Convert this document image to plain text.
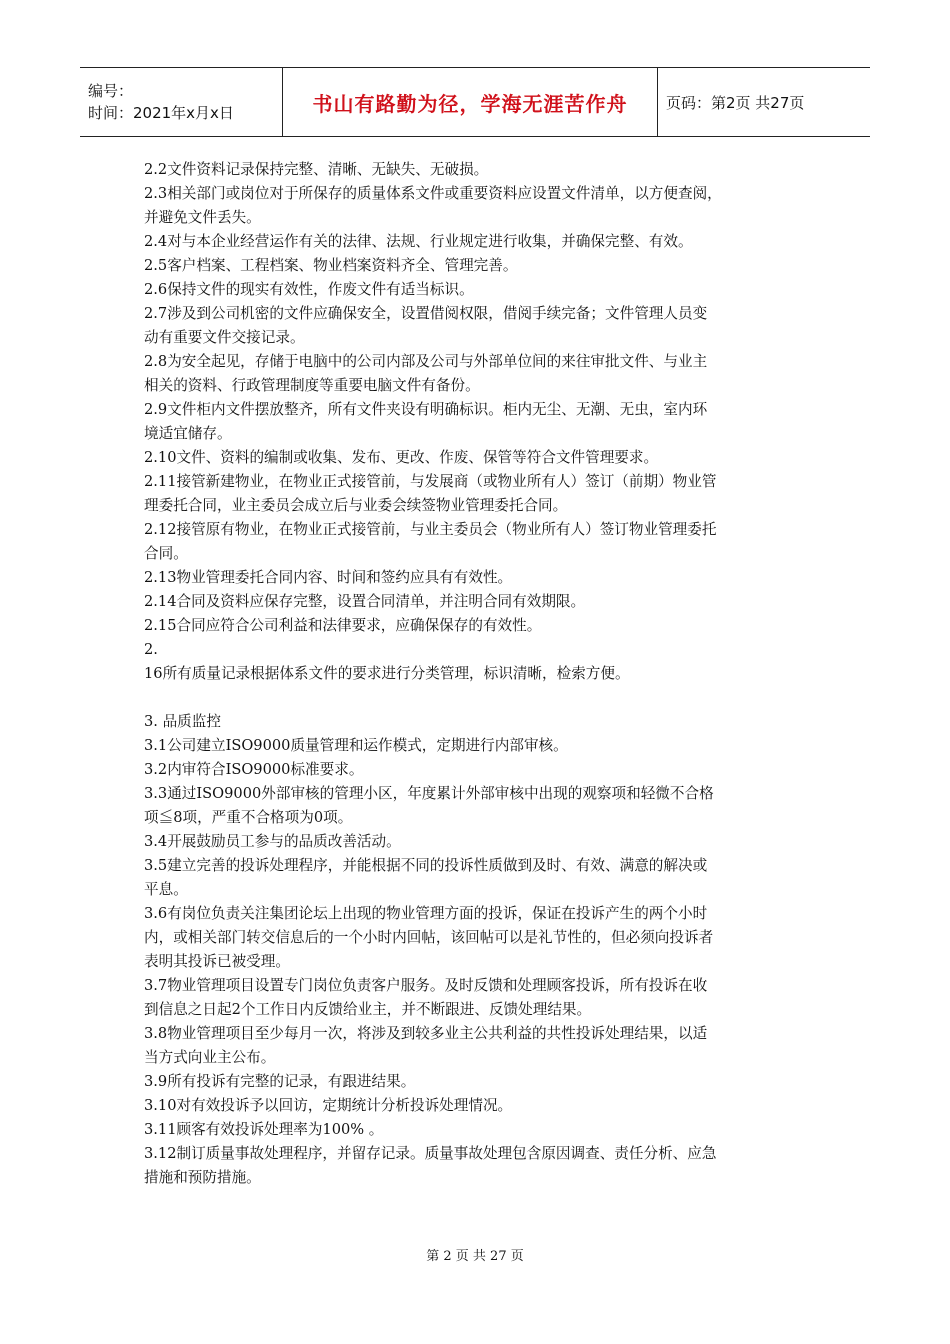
编号：
时间：2021年x月x日	书山有路勤为径，学海无涯苦作舟	页码：第2页 共27页

2.2文件资料记录保持完整、清晰、无缺失、无破损。

2.3相关部门或岗位对于所保存的质量体系文件或重要资料应设置文件清单，以方便查阅，

并避免文件丢失。

2.4对与本企业经营运作有关的法律、法规、行业规定进行收集，并确保完整、有效。

2.5客户档案、工程档案、物业档案资料齐全、管理完善。

2.6保持文件的现实有效性，作废文件有适当标识。

2.7涉及到公司机密的文件应确保安全，设置借阅权限，借阅手续完备；文件管理人员变

动有重要文件交接记录。

2.8为安全起见，存储于电脑中的公司内部及公司与外部单位间的来往审批文件、与业主

相关的资料、行政管理制度等重要电脑文件有备份。

2.9文件柜内文件摆放整齐，所有文件夹设有明确标识。柜内无尘、无潮、无虫，室内环

境适宜储存。

2.10文件、资料的编制或收集、发布、更改、作废、保管等符合文件管理要求。

2.11接管新建物业，在物业正式接管前，与发展商（或物业所有人）签订（前期）物业管

理委托合同，业主委员会成立后与业委会续签物业管理委托合同。

2.12接管原有物业，在物业正式接管前，与业主委员会（物业所有人）签订物业管理委托

合同。

2.13物业管理委托合同内容、时间和签约应具有有效性。

2.14合同及资料应保存完整，设置合同清单，并注明合同有效期限。

2.15合同应符合公司利益和法律要求，应确保保存的有效性。

2.

16所有质量记录根据体系文件的要求进行分类管理，标识清晰，检索方便。

3. 品质监控

3.1公司建立ISO9000质量管理和运作模式，定期进行内部审核。

3.2内审符合ISO9000标准要求。

3.3通过ISO9000外部审核的管理小区，年度累计外部审核中出现的观察项和轻微不合格

项≦8项，严重不合格项为0项。

3.4开展鼓励员工参与的品质改善活动。

3.5建立完善的投诉处理程序，并能根据不同的投诉性质做到及时、有效、满意的解决或

平息。

3.6有岗位负责关注集团论坛上出现的物业管理方面的投诉，保证在投诉产生的两个小时

内，或相关部门转交信息后的一个小时内回帖，该回帖可以是礼节性的，但必须向投诉者

表明其投诉已被受理。

3.7物业管理项目设置专门岗位负责客户服务。及时反馈和处理顾客投诉，所有投诉在收

到信息之日起2个工作日内反馈给业主，并不断跟进、反馈处理结果。

3.8物业管理项目至少每月一次，将涉及到较多业主公共利益的共性投诉处理结果，以适

当方式向业主公布。

3.9所有投诉有完整的记录，有跟进结果。

3.10对有效投诉予以回访，定期统计分析投诉处理情况。

3.11顾客有效投诉处理率为100% 。

3.12制订质量事故处理程序，并留存记录。质量事故处理包含原因调查、责任分析、应急

措施和预防措施。

第 2 页 共 27 页
